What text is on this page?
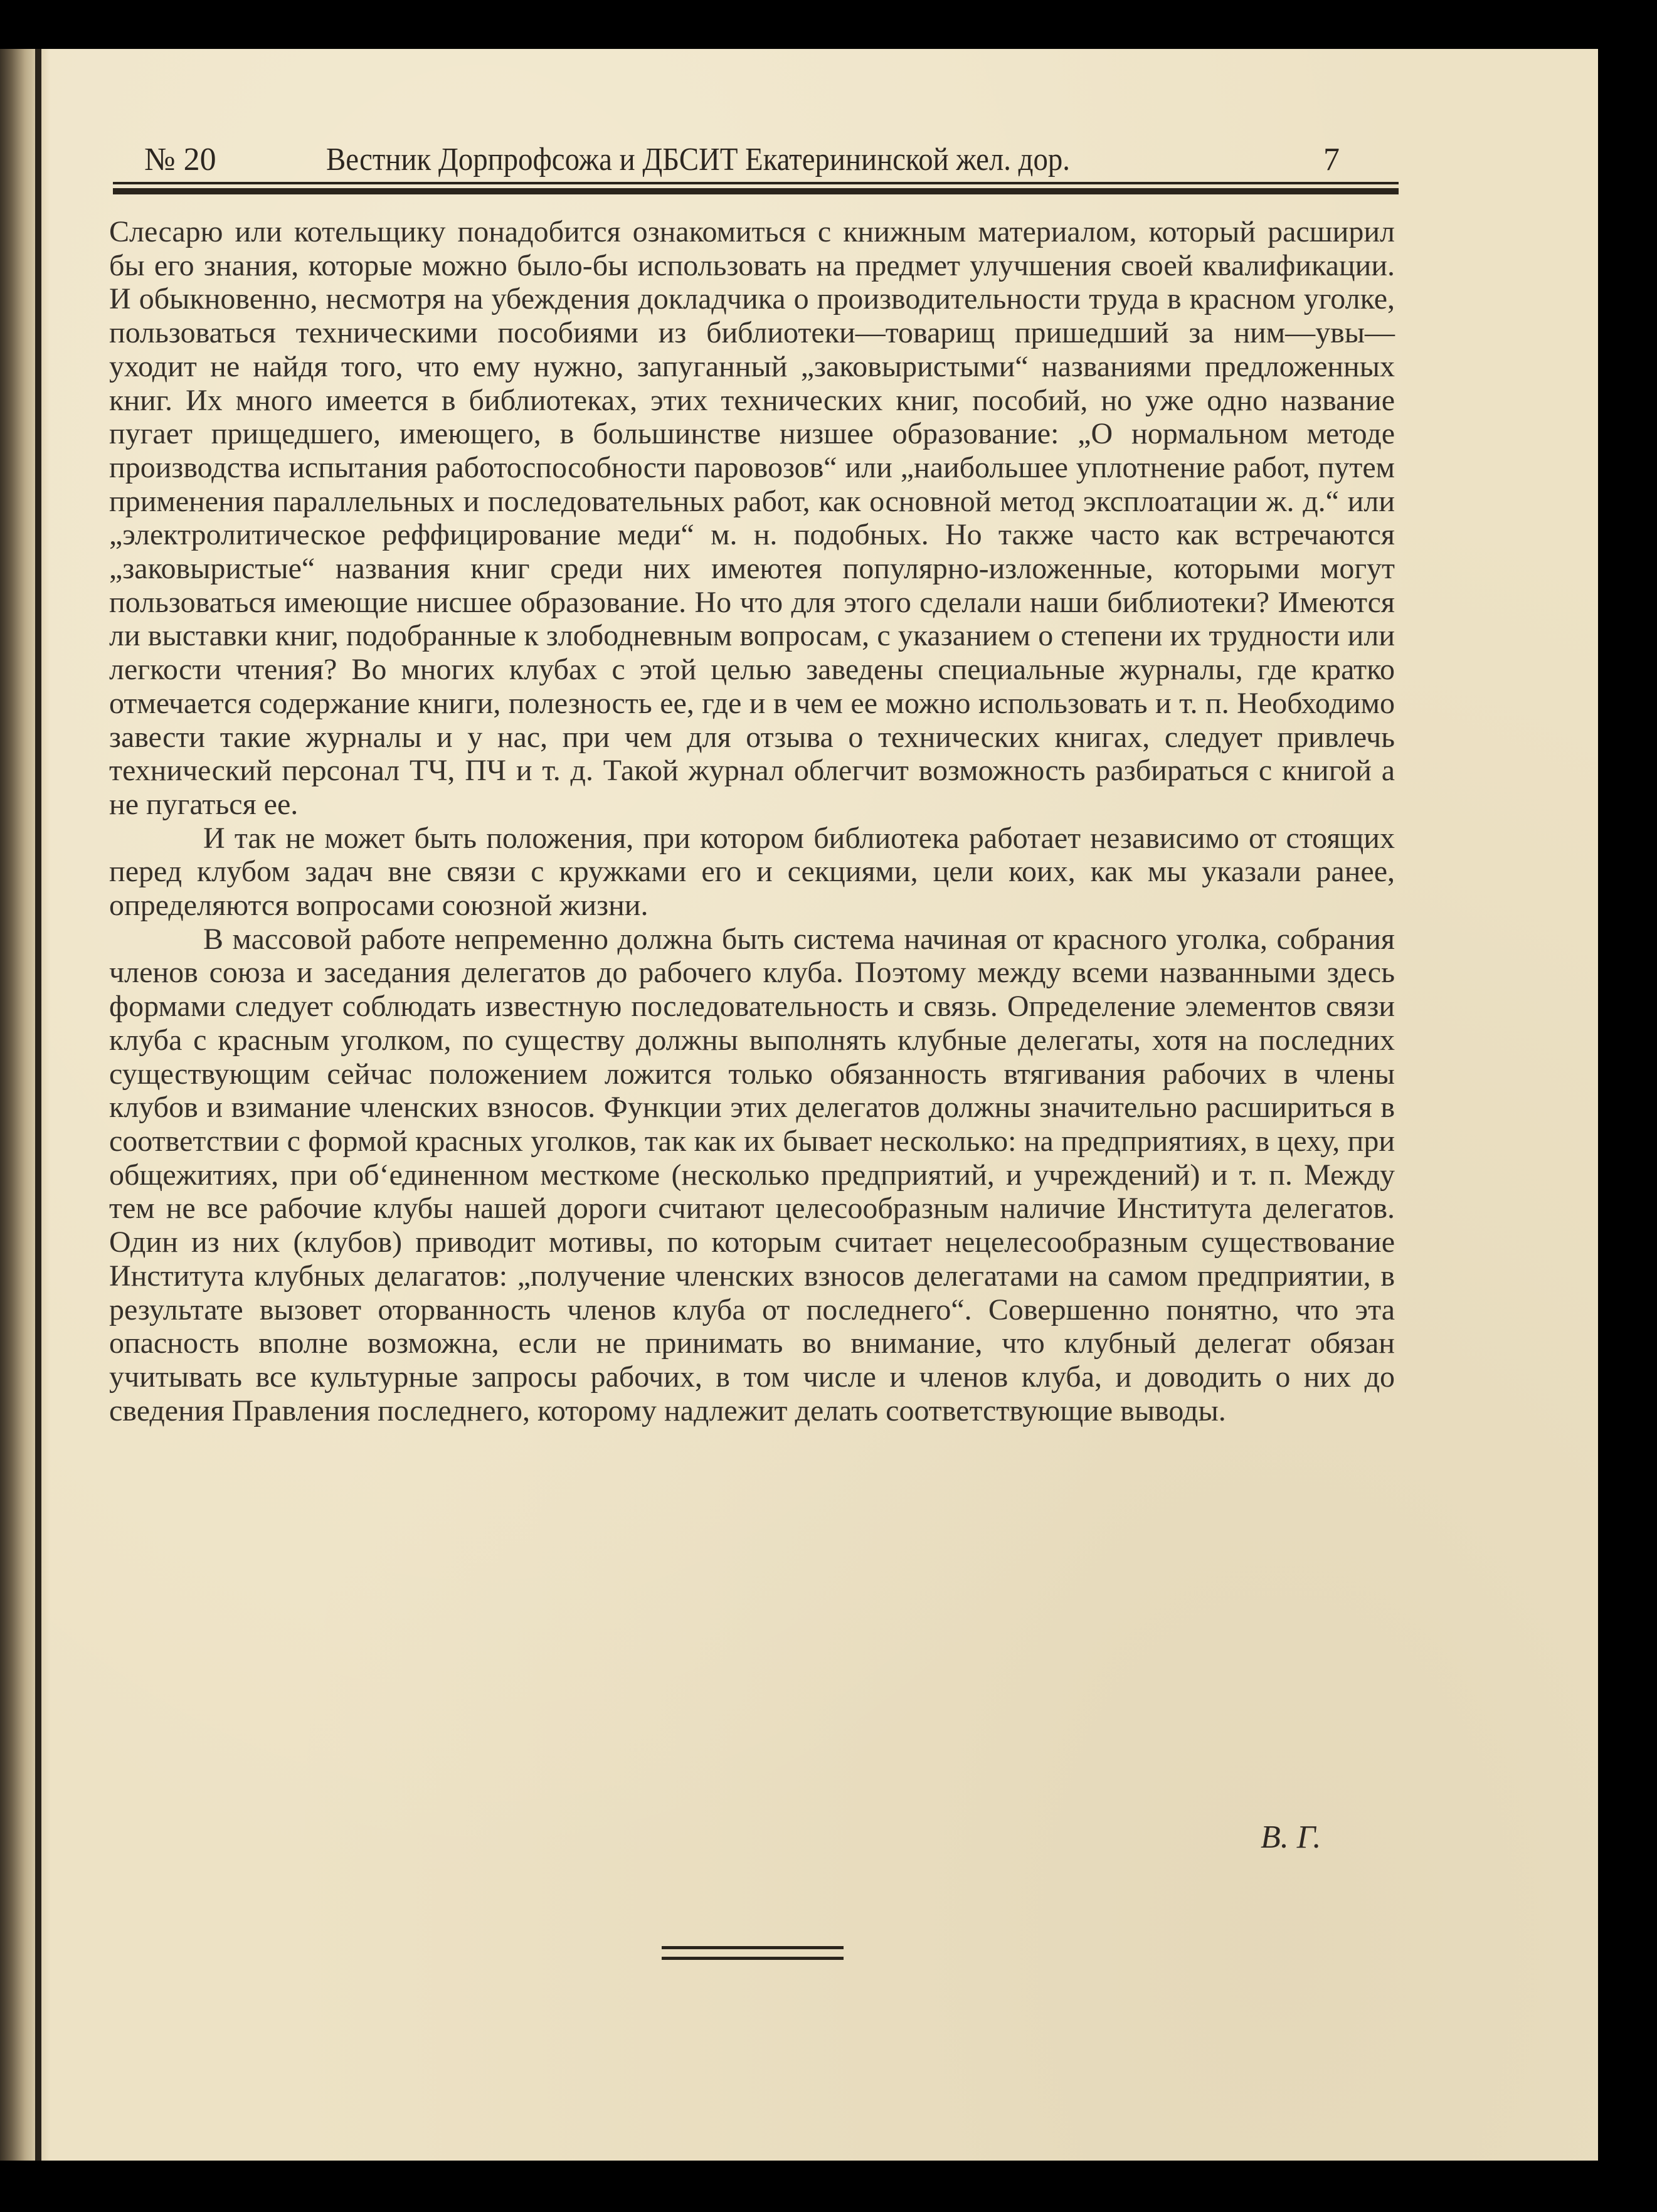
№ 20	Вестник Дорпрофсожа и ДБСИТ Екатерининской жел. дор.	7

Слесарю или котельщику понадобится ознакомиться с книжным материалом, который расширил бы его знания, которые можно было-бы использовать на предмет улучшения своей квалификации. И обыкновенно, несмотря на убеждения докладчика о производительности труда в красном уголке, пользоваться техническими пособиями из библиотеки—товарищ пришедший за ним—увы—уходит не найдя того, что ему нужно, запуганный „заковыристыми“ названиями предложенных книг. Их много имеется в библиотеках, этих технических книг, пособий, но уже одно название пугает прищедшего, имеющего, в большинстве низшее образование: „О нормальном методе производства испытания работоспособности паровозов“ или „наибольшее уплотнение работ, путем применения параллельных и последовательных работ, как основной метод эксплоатации ж. д.“ или „электролитическое реффицирование меди“ м. н. подобных. Но также часто как встречаются „заковыристые“ названия книг среди них имеютея популярно-изложенные, которыми могут пользоваться имеющие нисшее образование. Но что для этого сделали наши библиотеки? Имеются ли выставки книг, подобранные к злободневным вопросам, с указанием о степени их трудности или легкости чтения? Во многих клубах с этой целью заведены специальные журналы, где кратко отмечается содержание книги, полезность ее, где и в чем ее можно использовать и т. п. Необходимо завести такие журналы и у нас, при чем для отзыва о технических книгах, следует привлечь технический персонал ТЧ, ПЧ и т. д. Такой журнал облегчит возможность разбираться с книгой а не пугаться ее.

И так не может быть положения, при котором библиотека работает независимо от стоящих перед клубом задач вне связи с кружками его и секциями, цели коих, как мы указали ранее, определяются вопросами союзной жизни.

В массовой работе непременно должна быть система начиная от красного уголка, собрания членов союза и заседания делегатов до рабочего клуба. Поэтому между всеми названными здесь формами следует соблюдать известную последовательность и связь. Определение элементов связи клуба с красным уголком, по существу должны выполнять клубные делегаты, хотя на последних существующим сейчас положением ложится только обязанность втягивания рабочих в члены клубов и взимание членских взносов. Функции этих делегатов должны значительно расшириться в соответствии с формой красных уголков, так как их бывает несколько: на предприятиях, в цеху, при общежитиях, при об‘единенном месткоме (несколько предприятий, и учреждений) и т. п. Между тем не все рабочие клубы нашей дороги считают целесообразным наличие Института делегатов. Один из них (клубов) приводит мотивы, по которым считает нецелесообразным существование Института клубных делагатов: „получение членских взносов делегатами на самом предприятии, в результате вызовет оторванность членов клуба от последнего“. Совершенно понятно, что эта опасность вполне возможна, если не принимать во внимание, что клубный делегат обязан учитывать все культурные запросы рабочих, в том числе и членов клуба, и доводить о них до сведения Правления последнего, которому надлежит делать соответствующие выводы.

В. Г.
